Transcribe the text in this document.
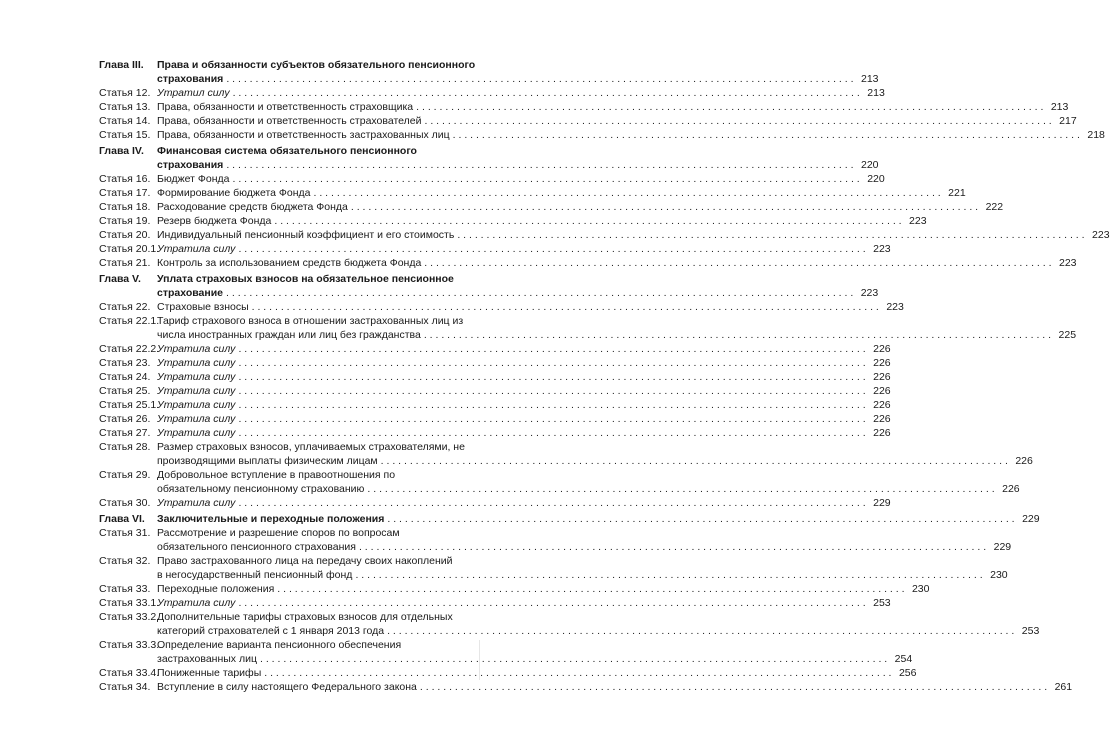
Глава III.	Права и обязанности субъектов обязательного пенсионного
страхования . . .	213
Статья 12. Утратил силу . . .	213
Статья 13. Права, обязанности и ответственность страховщика . . .	213
Статья 14. Права, обязанности и ответственность страхователей . . .	217
Статья 15. Права, обязанности и ответственность застрахованных лиц . . .	218
Глава IV.	Финансовая система обязательного пенсионного
страхования . . .	220
Статья 16. Бюджет Фонда . . .	220
Статья 17. Формирование бюджета Фонда . . .	221
Статья 18. Расходование средств бюджета Фонда . . .	222
Статья 19. Резерв бюджета Фонда . . .	223
Статья 20. Индивидуальный пенсионный коэффициент и его стоимость . . .	223
Статья 20.1.
Утратила силу . . .	223
Статья 21. Контроль за использованием средств бюджета Фонда . . .	223
Глава V.	Уплата страховых взносов на обязательное пенсионное
страхование . . .	223
Статья 22. Страховые взносы . . .	223
Статья 22.1.
Тариф страхового взноса в отношении застрахованных лиц из
числа иностранных граждан или лиц без гражданства . . .	225
Статья 22.2.
Утратила силу . . .	226
Статья 23. Утратила силу . . .	226
Статья 24. Утратила силу . . .	226
Статья 25. Утратила силу . . .	226
Статья 25.1.
Утратила силу . . .	226
Статья 26. Утратила силу . . .	226
Статья 27. Утратила силу . . .	226
Статья 28. Размер страховых взносов, уплачиваемых страхователями, не
производящими выплаты физическим лицам . . .	226
Статья 29. Добровольное вступление в правоотношения по
обязательному пенсионному страхованию . . .	226
Статья 30. Утратила силу . . .	229
Глава VI.	Заключительные и переходные положения . . .	229
Статья 31. Рассмотрение и разрешение споров по вопросам
обязательного пенсионного страхования . . .	229
Статья 32. Право застрахованного лица на передачу своих накоплений
в негосударственный пенсионный фонд . . .	230
Статья 33. Переходные положения . . .	230
Статья 33.1.
Утратила силу . . .	253
Статья 33.2.
Дополнительные тарифы страховых взносов для отдельных
категорий страхователей с 1 января 2013 года . . .	253
Статья 33.3.
Определение варианта пенсионного обеспечения
застрахованных лиц . . .	254
Статья 33.4.
Пониженные тарифы . . .	256
Статья 34. Вступление в силу настоящего Федерального закона . . .	261
